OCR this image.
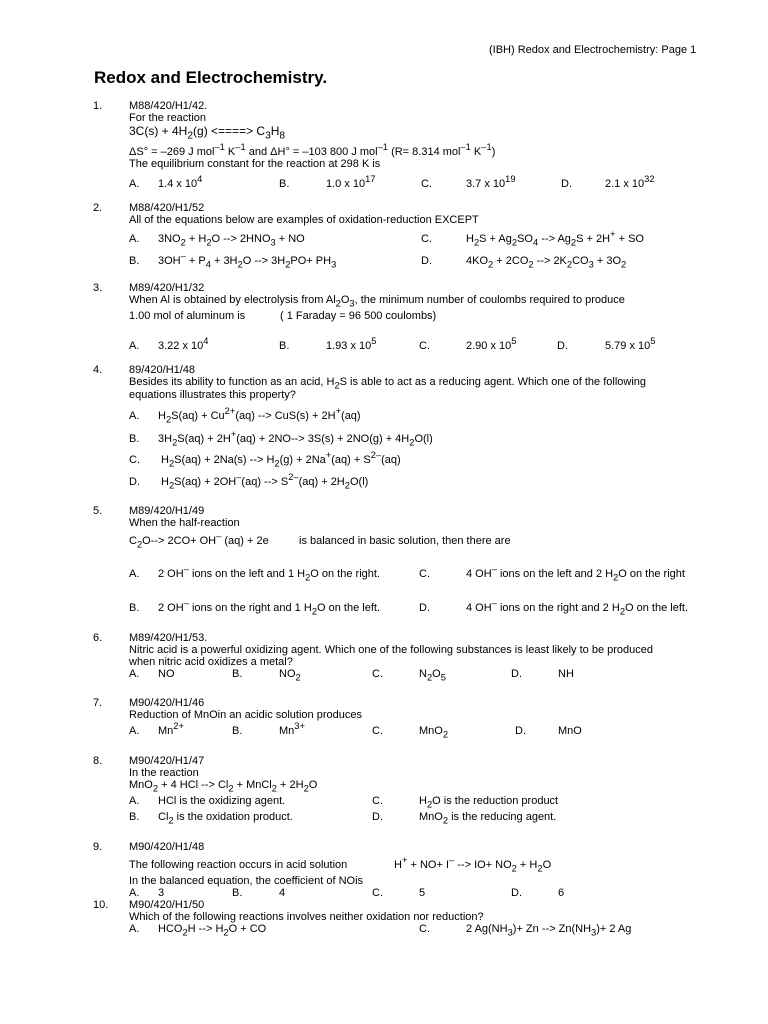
(IBH) Redox and Electrochemistry: Page 1
Redox and Electrochemistry.
1. M88/420/H1/42.
For the reaction
$3C(s) + 4H_2(g)$ <====> $C_3H_8$
ΔS° = –269 J mol$^{-1}$ $K^{-1}$ and ΔH° = –103 800 J mol$^{-1}$ (R= 8.314 mol$^{-1}$ $K^{-1}$)
The equilibrium constant for the reaction at 298 K is
A. 1.4 x $10^4$	B.	1.0 x $10^{17}$	C.	3.7 x $10^{19}$	D.	2.1 x $10^{32}$
2. M88/420/H1/52
All of the equations below are examples of oxidation-reduction EXCEPT
A. $3NO_2 + H_2O$ --> $2HNO_3$ + NO	C.	$H_2S + Ag_2SO_4$ --> $Ag_2S + 2H^+$ + SO
B. $3OH^- + P_4 + 3H_2O$ --> $3H_2PO+ PH_3$	D.	$4KO_2 + 2CO_2$ --> $2K_2CO_3 + 3O_2$
3. M89/420/H1/32
When Al is obtained by electrolysis from $Al_2O_3$, the minimum number of coulombs required to produce
1.00 mol of aluminum is	( 1 Faraday = 96 500 coulombs)
A. 3.22 x $10^4$	B.	1.93 x $10^5$	C.	2.90 x $10^5$	D.	5.79 x $10^5$
4. 89/420/H1/48
Besides its ability to function as an acid, $H_2S$ is able to act as a reducing agent. Which one of the following
equations illustrates this property?
A. $H_2S(aq) + Cu^{2+}(aq)$ --> CuS(s) + 2H+(aq)
B. $3H_2S(aq) + 2H^+(aq) + 2NO--> 3S(s) + 2NO(g) + 4H_2O(l)$
C. $H_2S(aq) + 2Na(s)$ --> $H_2(g) + 2Na^+(aq) + S^{2-}(aq)$
D. $H_2S(aq) + 2OH^-(aq)$ --> $S^{2-}(aq) + 2H_2O(l)$
5. M89/420/H1/49
When the half-reaction
$C_2O--> 2CO+ OH^-$ (aq) + 2e	is balanced in basic solution, then there are
A. 2 OH– ions on the left and 1 $H_2O$ on the right.	C.	4 OH– ions on the left and 2 $H_2O$ on the right
B. 2 OH– ions on the right and 1 $H_2O$ on the left.	D.	4 OH– ions on the right and 2 $H_2O$ on the left.
6. M89/420/H1/53.
Nitric acid is a powerful oxidizing agent. Which one of the following substances is least likely to be produced
when nitric acid oxidizes a metal?
A. NO	B.	$NO_2$	C.	$N_2O_5$	D.	NH
7. M90/420/H1/46
Reduction of MnOin an acidic solution produces
A. $Mn^{2+}$	B.	$Mn^{3+}$	C.	MnO$_2$	D.	MnO
8. M90/420/H1/47
In the reaction
MnO$_2$ + 4 HCl --> $Cl_2$ + MnCl$_2$ + $2H_2O$
A. HCl is the oxidizing agent.	C.	$H_2O$ is the reduction product
B. $Cl_2$ is the oxidation product.	D.	MnO$_2$ is the reducing agent.
9. M90/420/H1/48
The following reaction occurs in acid solution	H+ + NO+ I– --> $IO+ NO_2 + H_2O$
In the balanced equation, the coefficient of NOis
A. 3	B.	4	C.	5	D.	6
10. M90/420/H1/50
Which of the following reactions involves neither oxidation nor reduction?
A. $HCO_2H$ --> $H_2O$ + CO	C.	2 $Ag(NH_3)+ Zn$ --> $Zn(NH_3)+ 2$ Ag
